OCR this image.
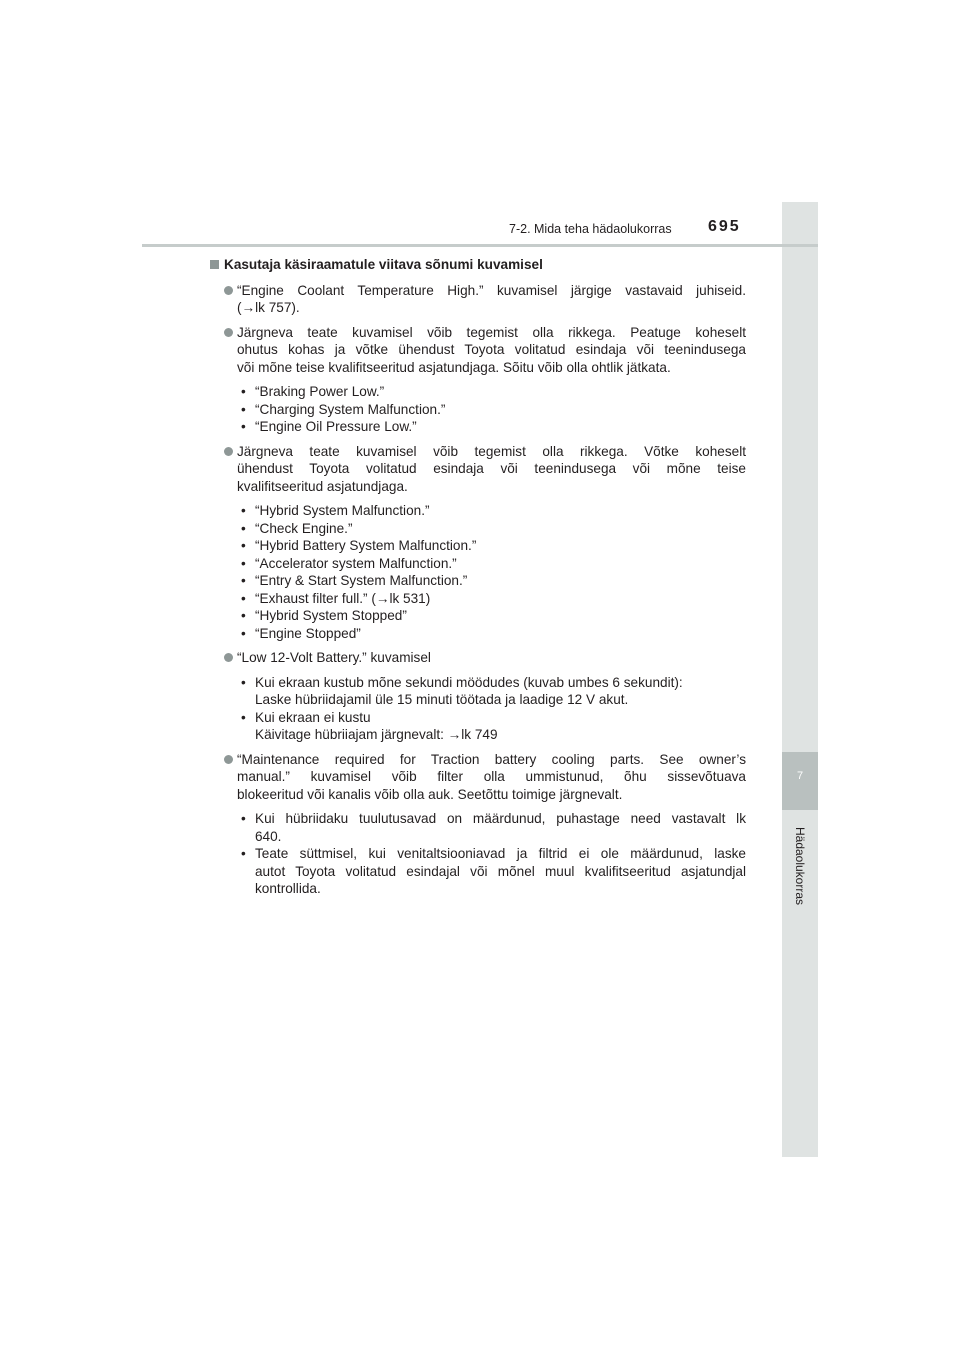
7
Hädaolukorras
7-2. Mida teha hädaolukorras 695
Kasutaja käsiraamatule viitava sõnumi kuvamisel
“Engine Coolant Temperature High.” kuvamisel järgige vastavaid juhiseid.
(→lk 757).
Järgneva teate kuvamisel võib tegemist olla rikkega. Peatuge koheselt
ohutus kohas ja võtke ühendust Toyota volitatud esindaja või teenindusega
või mõne teise kvalifitseeritud asjatundjaga. Sõitu võib olla ohtlik jätkata.
• “Braking Power Low.”
• “Charging System Malfunction.”
• “Engine Oil Pressure Low.”
Järgneva teate kuvamisel võib tegemist olla rikkega. Võtke koheselt
ühendust Toyota volitatud esindaja või teenindusega või mõne teise
kvalifitseeritud asjatundjaga.
• “Hybrid System Malfunction.”
• “Check Engine.”
• “Hybrid Battery System Malfunction.”
• “Accelerator system Malfunction.”
• “Entry & Start System Malfunction.”
• “Exhaust filter full.” (→lk 531)
• “Hybrid System Stopped”
• “Engine Stopped”
“Low 12-Volt Battery.” kuvamisel
• Kui ekraan kustub mõne sekundi möödudes (kuvab umbes 6 sekundit):
Laske hübriidajamil üle 15 minuti töötada ja laadige 12 V akut.
• Kui ekraan ei kustu
Käivitage hübriiajam järgnevalt: →lk 749
“Maintenance required for Traction battery cooling parts. See owner’s
manual.” kuvamisel võib filter olla ummistunud, õhu sissevõtuava
blokeeritud või kanalis võib olla auk. Seetõttu toimige järgnevalt.
• Kui hübriidaku tuulutusavad on määrdunud, puhastage need vastavalt lk
640.
• Teate süttmisel, kui venitaltsiooniavad ja filtrid ei ole määrdunud, laske
autot Toyota volitatud esindajal või mõnel muul kvalifitseeritud asjatundjal
kontrollida.
